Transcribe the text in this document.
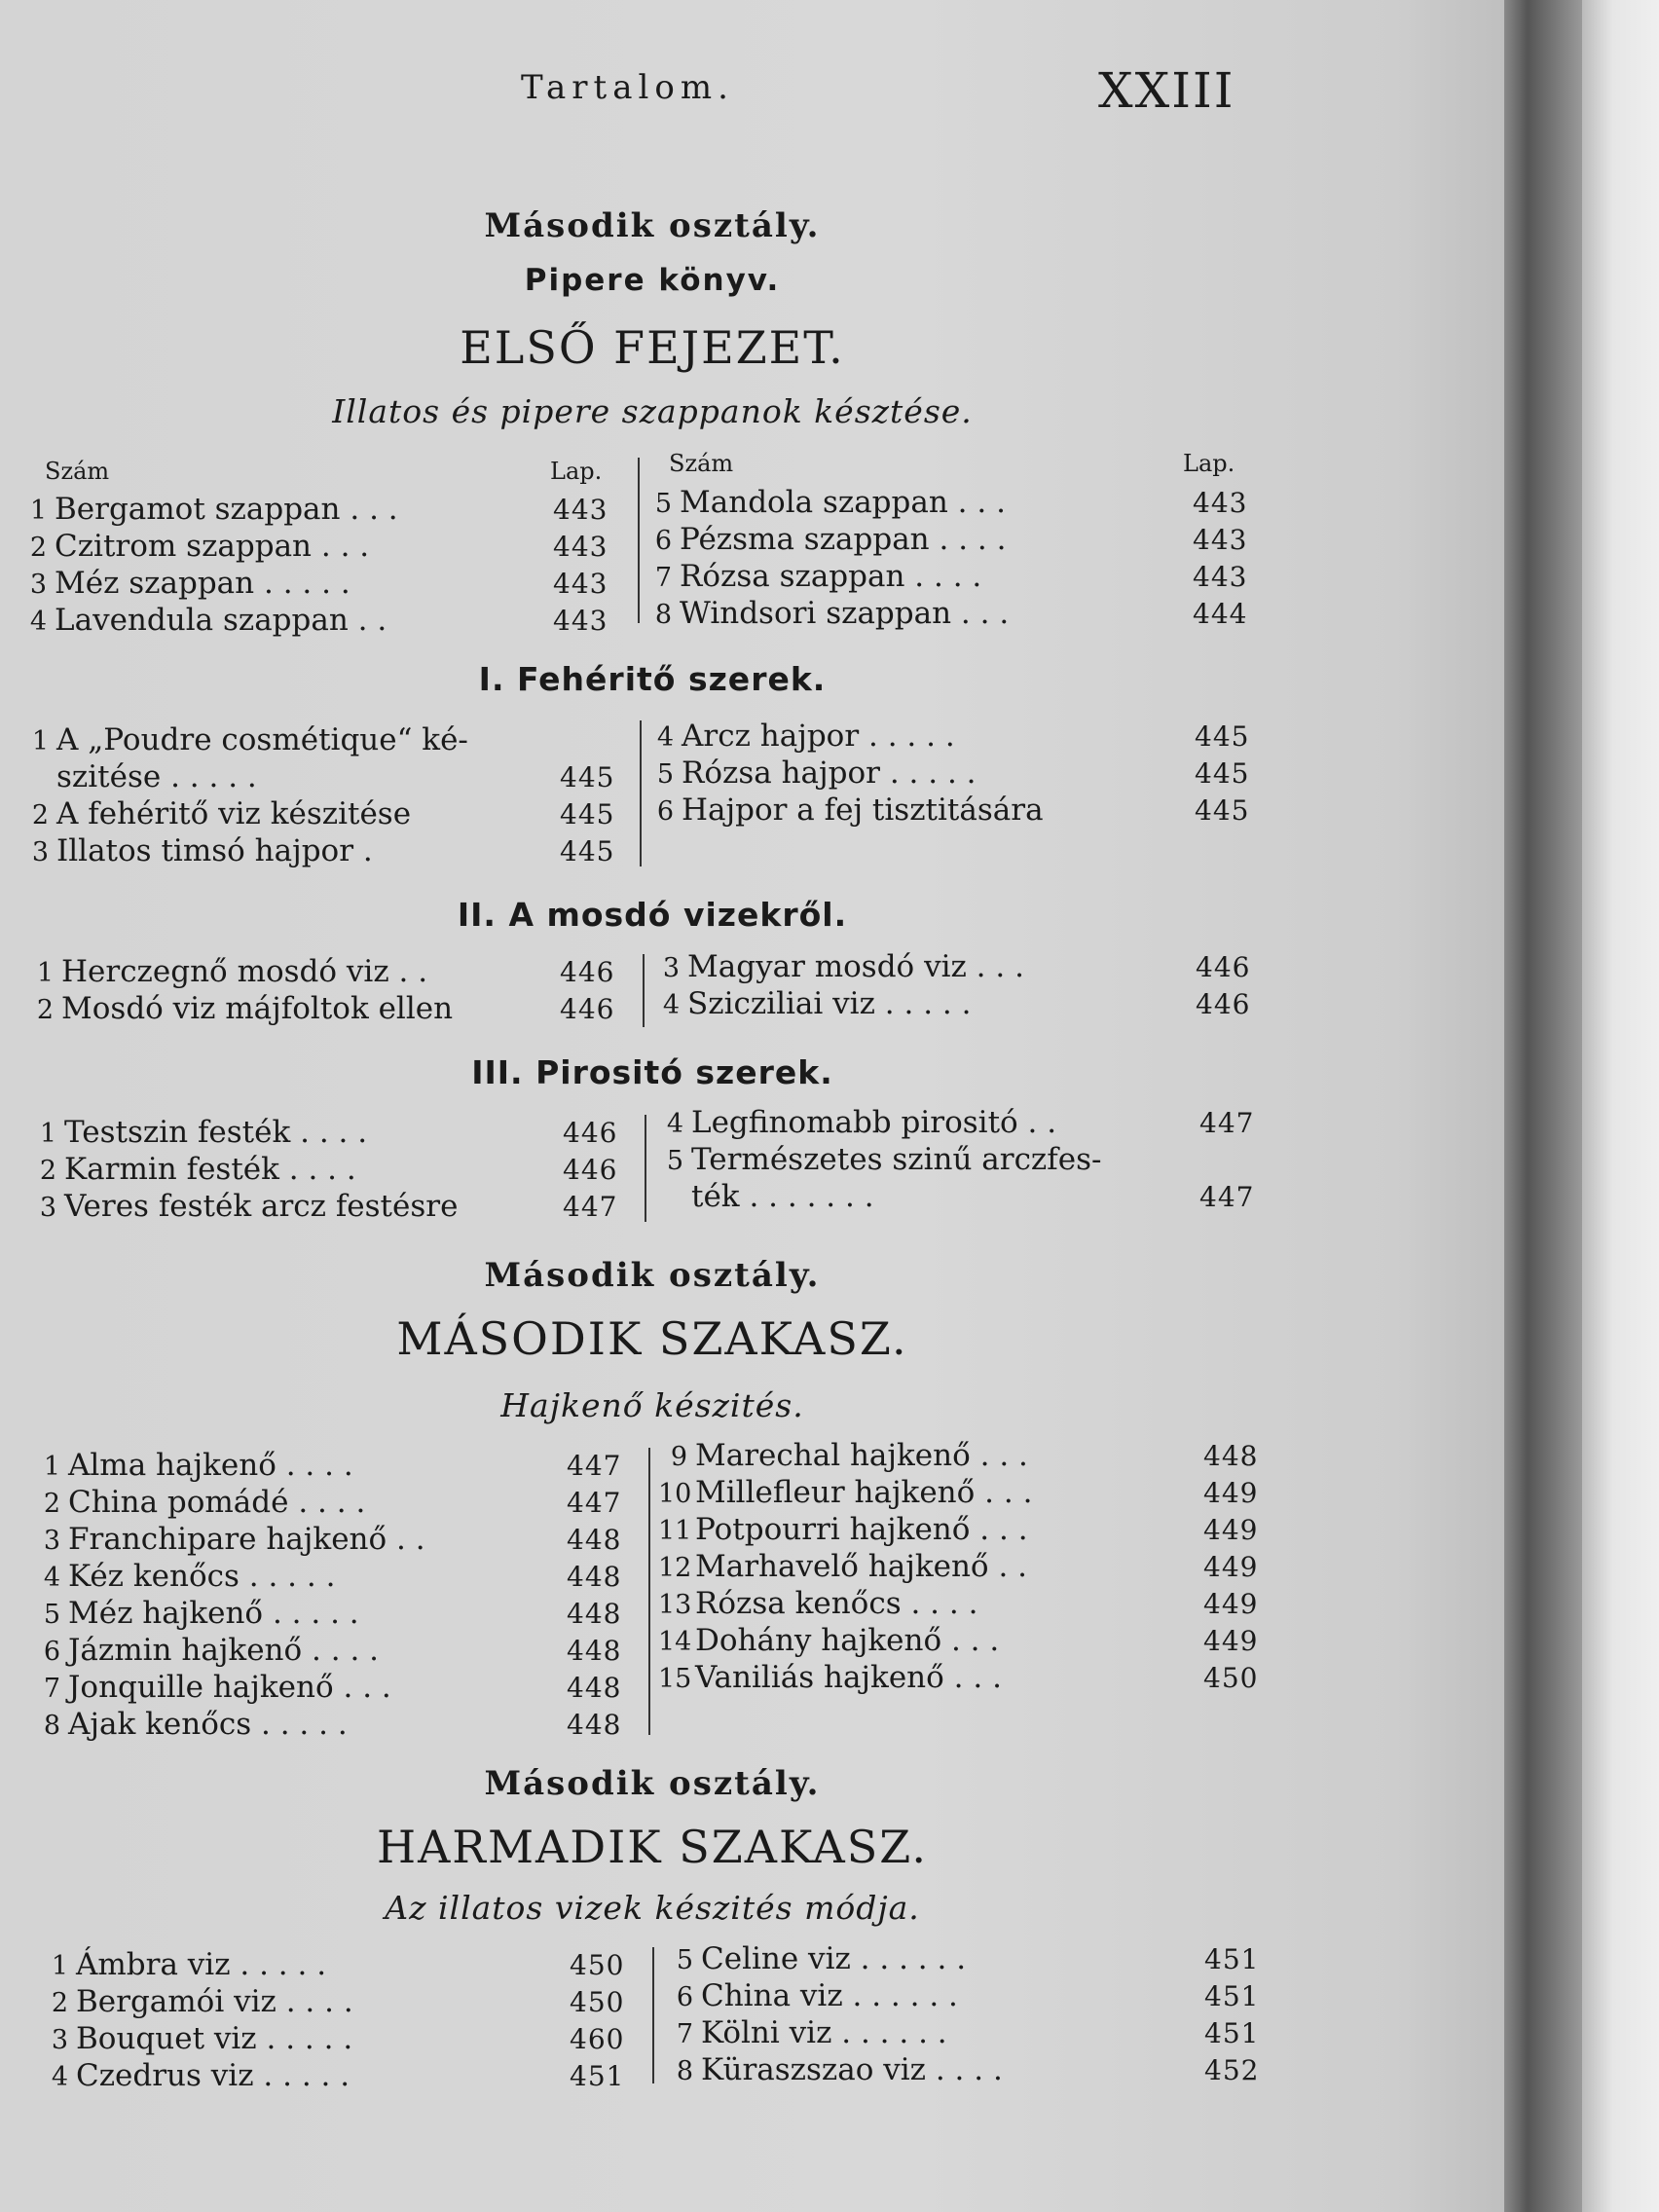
Tartalom.	XXIII
Második osztály.
Pipere könyv.
ELSŐ FEJEZET.
Illatos és pipere szappanok késztése.
Szám	Lap.	Szám	Lap.
1 Bergamot szappan . . .	443
2 Czitrom szappan . . .	443
3 Méz szappan . . . . .	443
4 Lavendula szappan . .	443
5 Mandola szappan . . .	443
6 Pézsma szappan . . . .	443
7 Rózsa szappan . . . .	443
8 Windsori szappan . . .	444
I. Fehéritő szerek.
1 A „Poudre cosmétique“ ké-
szitése . . . . .	445
2 A fehéritő viz készitése	445
3 Illatos timsó hajpor .	445
4 Arcz hajpor . . . . .	445
5 Rózsa hajpor . . . . .	445
6 Hajpor a fej tisztitására	445
II. A mosdó vizekről.
1 Herczegnő mosdó viz . .	446
2 Mosdó viz májfoltok ellen	446
3 Magyar mosdó viz . . .	446
4 Szicziliai viz . . . . .	446
III. Pirositó szerek.
1 Testszin festék . . . .	446
2 Karmin festék . . . .	446
3 Veres festék arcz festésre	447
4 Legfinomabb pirositó . .	447
5 Természetes szinű arczfes-
ték . . . . . . .	447
Második osztály.
MÁSODIK SZAKASZ.
Hajkenő készités.
1 Alma hajkenő . . . .	447
2 China pomádé . . . .	447
3 Franchipare hajkenő . .	448
4 Kéz kenőcs . . . . .	448
5 Méz hajkenő . . . . .	448
6 Jázmin hajkenő . . . .	448
7 Jonquille hajkenő . . .	448
8 Ajak kenőcs . . . . .	448
9 Marechal hajkenő . . .	448
10 Millefleur hajkenő . . .	449
11 Potpourri hajkenő . . .	449
12 Marhavelő hajkenő . .	449
13 Rózsa kenőcs . . . .	449
14 Dohány hajkenő . . .	449
15 Vaniliás hajkenő . . .	450
Második osztály.
HARMADIK SZAKASZ.
Az illatos vizek készités módja.
1 Ámbra viz . . . . .	450
2 Bergamói viz . . . .	450
3 Bouquet viz . . . . .	460
4 Czedrus viz . . . . .	451
5 Celine viz . . . . . .	451
6 China viz . . . . . .	451
7 Kölni viz . . . . . .	451
8 Küraszszao viz . . . .	452
